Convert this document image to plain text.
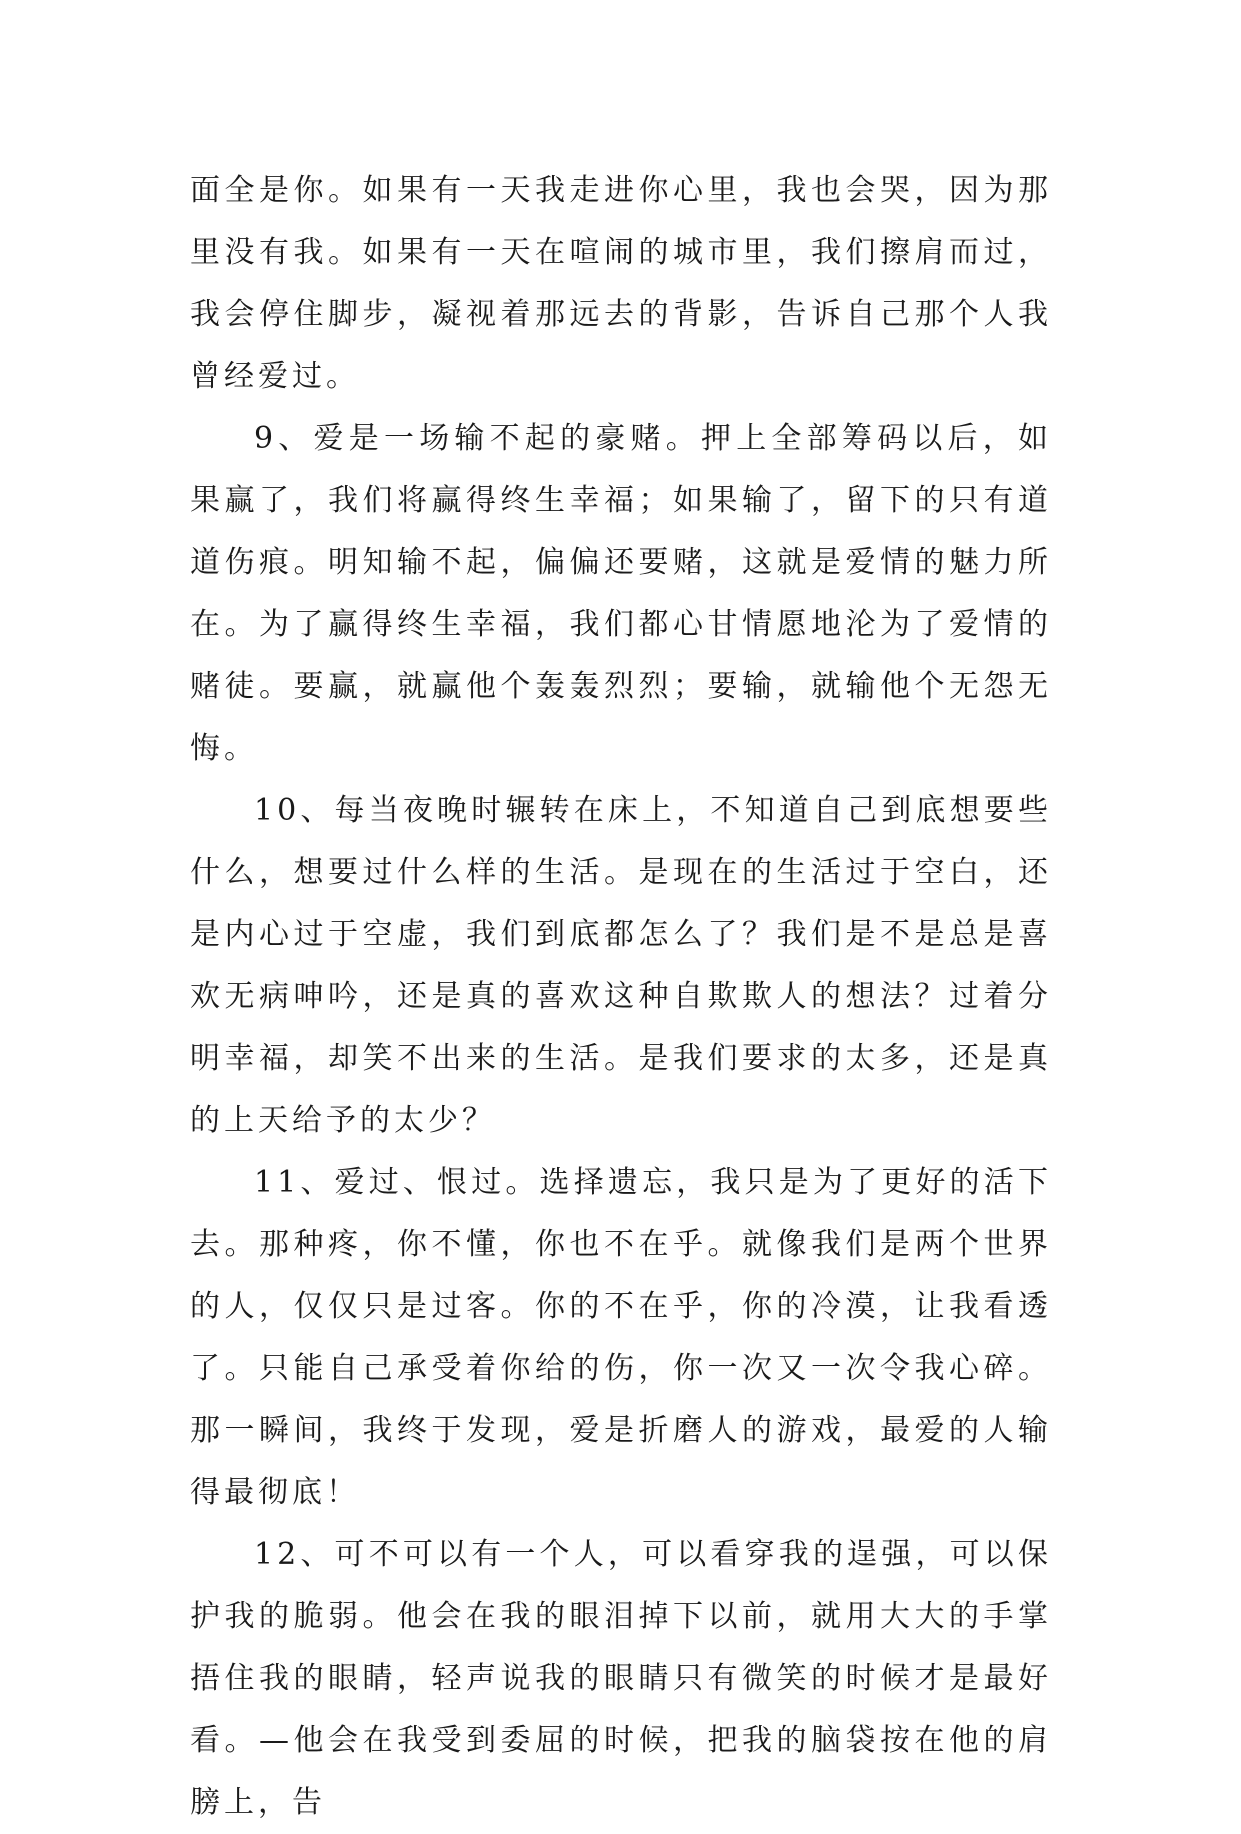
面全是你。如果有一天我走进你心里，我也会哭，因为那里没有我。如果有一天在喧闹的城市里，我们擦肩而过，我会停住脚步，凝视着那远去的背影，告诉自己那个人我曾经爱过。

9、爱是一场输不起的豪赌。押上全部筹码以后，如果赢了，我们将赢得终生幸福；如果输了，留下的只有道道伤痕。明知输不起，偏偏还要赌，这就是爱情的魅力所在。为了赢得终生幸福，我们都心甘情愿地沦为了爱情的赌徒。要赢，就赢他个轰轰烈烈；要输，就输他个无怨无悔。

10、每当夜晚时辗转在床上，不知道自己到底想要些什么，想要过什么样的生活。是现在的生活过于空白，还是内心过于空虚，我们到底都怎么了？我们是不是总是喜欢无病呻吟，还是真的喜欢这种自欺欺人的想法？过着分明幸福，却笑不出来的生活。是我们要求的太多，还是真的上天给予的太少？

11、爱过、恨过。选择遗忘，我只是为了更好的活下去。那种疼，你不懂，你也不在乎。就像我们是两个世界的人，仅仅只是过客。你的不在乎，你的冷漠，让我看透了。只能自己承受着你给的伤，你一次又一次令我心碎。那一瞬间，我终于发现，爱是折磨人的游戏，最爱的人输得最彻底！

12、可不可以有一个人，可以看穿我的逞强，可以保护我的脆弱。他会在我的眼泪掉下以前，就用大大的手掌捂住我的眼睛，轻声说我的眼睛只有微笑的时候才是最好看。—他会在我受到委屈的时候，把我的脑袋按在他的肩膀上，告
